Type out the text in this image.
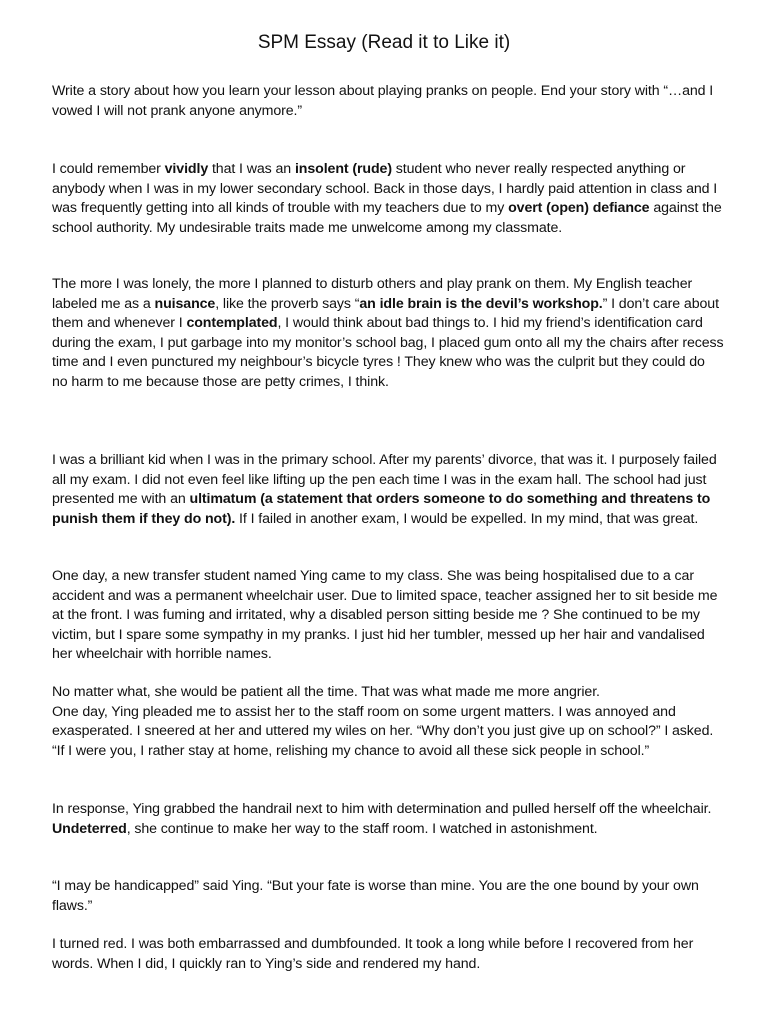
SPM Essay (Read it to Like it)

Write a story about how you learn your lesson about playing pranks on people. End your story with “…and I vowed I will not prank anyone anymore.”

I could remember vividly that I was an insolent (rude) student who never really respected anything or anybody when I was in my lower secondary school. Back in those days, I hardly paid attention in class and I was frequently getting into all kinds of trouble with my teachers due to my overt (open) defiance against the school authority. My undesirable traits made me unwelcome among my classmate.

The more I was lonely, the more I planned to disturb others and play prank on them. My English teacher labeled me as a nuisance, like the proverb says “an idle brain is the devil’s workshop.” I don’t care about them and whenever I contemplated, I would think about bad things to. I hid my friend’s identification card during the exam, I put garbage into my monitor’s school bag, I placed gum onto all my the chairs after recess time and I even punctured my neighbour’s bicycle tyres ! They knew who was the culprit but they could do no harm to me because those are petty crimes, I think.

I was a brilliant kid when I was in the primary school. After my parents’ divorce, that was it. I purposely failed all my exam. I did not even feel like lifting up the pen each time I was in the exam hall. The school had just presented me with an ultimatum (a statement that orders someone to do something and threatens to punish them if they do not). If I failed in another exam, I would be expelled. In my mind, that was great.

One day, a new transfer student named Ying came to my class. She was being hospitalised due to a car accident and was a permanent wheelchair user. Due to limited space, teacher assigned her to sit beside me at the front. I was fuming and irritated, why a disabled person sitting beside me ? She continued to be my victim, but I spare some sympathy in my pranks. I just hid her tumbler, messed up her hair and vandalised her wheelchair with horrible names.

No matter what, she would be patient all the time. That was what made me more angrier.
One day, Ying pleaded me to assist her to the staff room on some urgent matters. I was annoyed and exasperated. I sneered at her and uttered my wiles on her. “Why don’t you just give up on school?” I asked. “If I were you, I rather stay at home, relishing my chance to avoid all these sick people in school.”

In response, Ying grabbed the handrail next to him with determination and pulled herself off the wheelchair. Undeterred, she continue to make her way to the staff room. I watched in astonishment.

“I may be handicapped” said Ying. “But your fate is worse than mine. You are the one bound by your own flaws.”

I turned red. I was both embarrassed and dumbfounded. It took a long while before I recovered from her words. When I did, I quickly ran to Ying’s side and rendered my hand.
